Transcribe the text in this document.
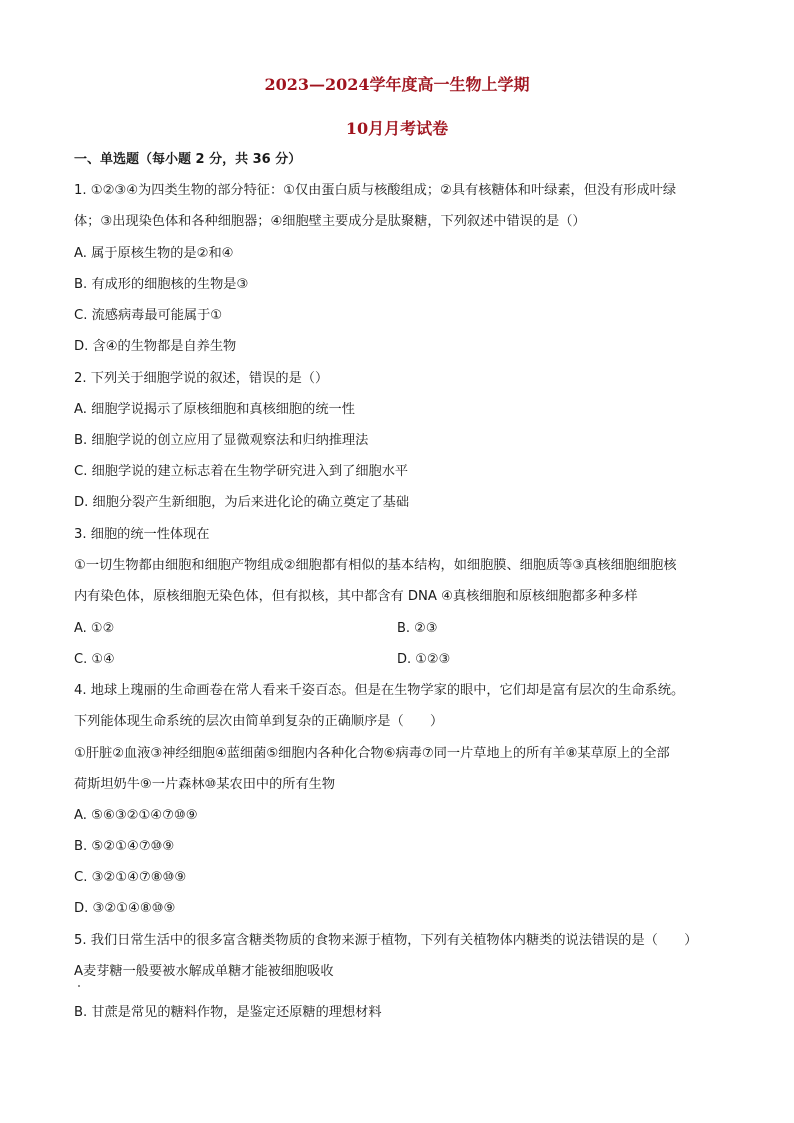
2023—2024学年度高一生物上学期
10月月考试卷
一、单选题（每小题 2 分，共 36 分）
1. ①②③④为四类生物的部分特征：①仅由蛋白质与核酸组成；②具有核糖体和叶绿素，但没有形成叶绿
体；③出现染色体和各种细胞器；④细胞壁主要成分是肽聚糖，下列叙述中错误的是（）
A. 属于原核生物的是②和④
B. 有成形的细胞核的生物是③
C. 流感病毒最可能属于①
D. 含④的生物都是自养生物
2. 下列关于细胞学说的叙述，错误的是（）
A. 细胞学说揭示了原核细胞和真核细胞的统一性
B. 细胞学说的创立应用了显微观察法和归纳推理法
C. 细胞学说的建立标志着在生物学研究进入到了细胞水平
D. 细胞分裂产生新细胞，为后来进化论的确立奠定了基础
3. 细胞的统一性体现在
①一切生物都由细胞和细胞产物组成②细胞都有相似的基本结构，如细胞膜、细胞质等③真核细胞细胞核
内有染色体，原核细胞无染色体，但有拟核，其中都含有 DNA ④真核细胞和原核细胞都多种多样
A. ①②	B. ②③
C. ①④	D. ①②③
4. 地球上瑰丽的生命画卷在常人看来千姿百态。但是在生物学家的眼中，它们却是富有层次的生命系统。
下列能体现生命系统的层次由简单到复杂的正确顺序是（　　）
①肝脏②血液③神经细胞④蓝细菌⑤细胞内各种化合物⑥病毒⑦同一片草地上的所有羊⑧某草原上的全部
荷斯坦奶牛⑨一片森林⑩某农田中的所有生物
A. ⑤⑥③②①④⑦⑩⑨
B. ⑤②①④⑦⑩⑨
C. ③②①④⑦⑧⑩⑨
D. ③②①④⑧⑩⑨
5. 我们日常生活中的很多富含糖类物质的食物来源于植物，下列有关植物体内糖类的说法错误的是（　　）
A麦芽糖一般要被水解成单糖才能被细胞吸收
B. 甘蔗是常见的糖料作物，是鉴定还原糖的理想材料
